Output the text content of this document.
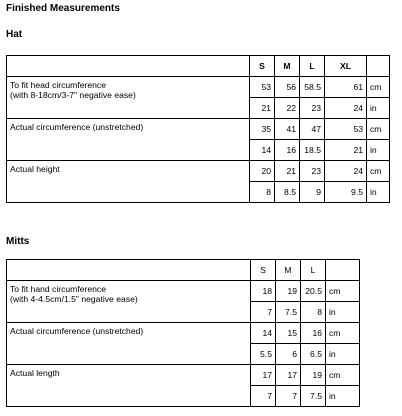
Finished Measurements
Hat
	S	M	L	XL	
To fit head circumference
(with 8-18cm/3-7" negative ease)	53	56	58.5	61	cm
	21	22	23	24	in
Actual circumference (unstretched)	35	41	47	53	cm
	14	16	18.5	21	in
Actual height	20	21	23	24	cm
	8	8.5	9	9.5	in
Mitts
	S	M	L	
To fit hand circumference
(with 4-4.5cm/1.5" negative ease)	18	19	20.5	cm
	7	7.5	8	in
Actual circumference (unstretched)	14	15	16	cm
	5.5	6	6.5	in
Actual length	17	17	19	cm
	7	7	7.5	in
